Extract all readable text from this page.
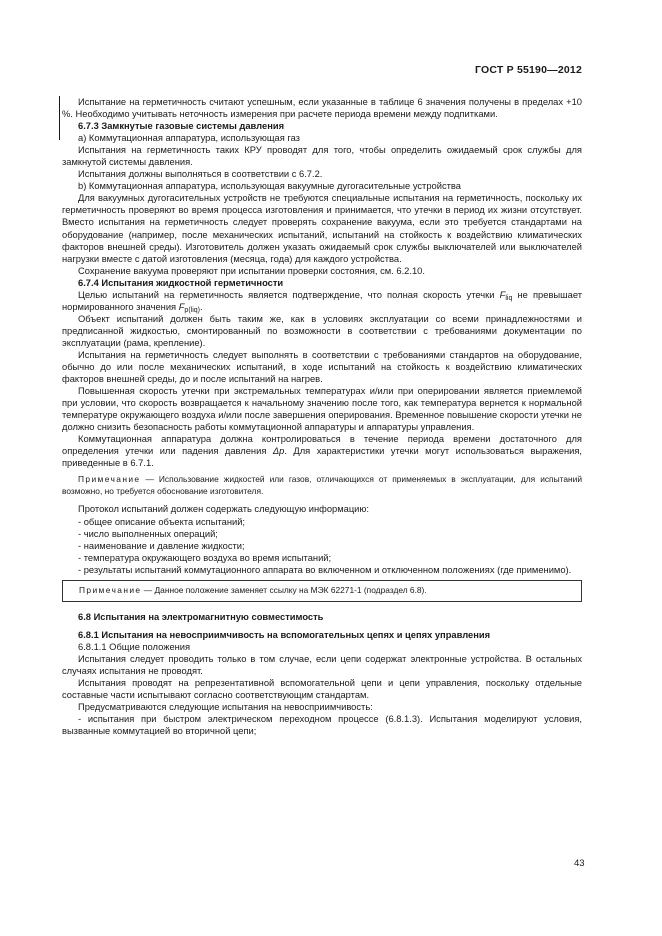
ГОСТ Р 55190—2012

Испытание на герметичность считают успешным, если указанные в таблице 6 значения получены в пределах +10 %. Необходимо учитывать неточность измерения при расчете периода времени между подпитками.

6.7.3 Замкнутые газовые системы давления

a) Коммутационная аппаратура, использующая газ

Испытания на герметичность таких КРУ проводят для того, чтобы определить ожидаемый срок службы для замкнутой системы давления.

Испытания должны выполняться в соответствии с 6.7.2.

b) Коммутационная аппаратура, использующая вакуумные дугогасительные устройства

Для вакуумных дугогасительных устройств не требуются специальные испытания на герметичность, поскольку их герметичность проверяют во время процесса изготовления и принимается, что утечки в период их жизни отсутствует. Вместо испытания на герметичность следует проверять сохранение вакуума, если это требуется стандартами на оборудование (например, после механических испытаний, испытаний на стойкость к воздействию климатических факторов внешней среды). Изготовитель должен указать ожидаемый срок службы выключателей или выключателей нагрузки вместе с датой изготовления (месяца, года) для каждого устройства.

Сохранение вакуума проверяют при испытании проверки состояния, см. 6.2.10.

6.7.4 Испытания жидкостной герметичности

Целью испытаний на герметичность является подтверждение, что полная скорость утечки $F_{liq}$ не превышает нормированного значения $F_{p(liq)}$.

Объект испытаний должен быть таким же, как в условиях эксплуатации со всеми принадлежностями и предписанной жидкостью, смонтированный по возможности в соответствии с требованиями документации по эксплуатации (рама, крепление).

Испытания на герметичность следует выполнять в соответствии с требованиями стандартов на оборудование, обычно до или после механических испытаний, в ходе испытаний на стойкость к воздействию климатических факторов внешней среды, до и после испытаний на нагрев.

Повышенная скорость утечки при экстремальных температурах и/или при оперировании является приемлемой при условии, что скорость возвращается к начальному значению после того, как температура вернется к нормальной температуре окружающего воздуха и/или после завершения оперирования. Временное повышение скорости утечки не должно снизить безопасность работы коммутационной аппаратуры и аппаратуры управления.

Коммутационная аппаратура должна контролироваться в течение периода времени достаточного для определения утечки или падения давления Δp. Для характеристики утечки могут использоваться выражения, приведенные в 6.7.1.

Примечание — Использование жидкостей или газов, отличающихся от применяемых в эксплуатации, для испытаний возможно, но требуется обоснование изготовителя.

Протокол испытаний должен содержать следующую информацию:

- общее описание объекта испытаний;

- число выполненных операций;

- наименование и давление жидкости;

- температура окружающего воздуха во время испытаний;

- результаты испытаний коммутационного аппарата во включенном и отключенном положениях (где применимо).

Примечание — Данное положение заменяет ссылку на МЭК 62271-1 (подраздел 6.8).

6.8 Испытания на электромагнитную совместимость

6.8.1 Испытания на невосприимчивость на вспомогательных цепях и цепях управления

6.8.1.1 Общие положения

Испытания следует проводить только в том случае, если цепи содержат электронные устройства. В остальных случаях испытания не проводят.

Испытания проводят на репрезентативной вспомогательной цепи и цепи управления, поскольку отдельные составные части испытывают согласно соответствующим стандартам.

Предусматриваются следующие испытания на невосприимчивость:

- испытания при быстром электрическом переходном процессе (6.8.1.3). Испытания моделируют условия, вызванные коммутацией во вторичной цепи;

43
